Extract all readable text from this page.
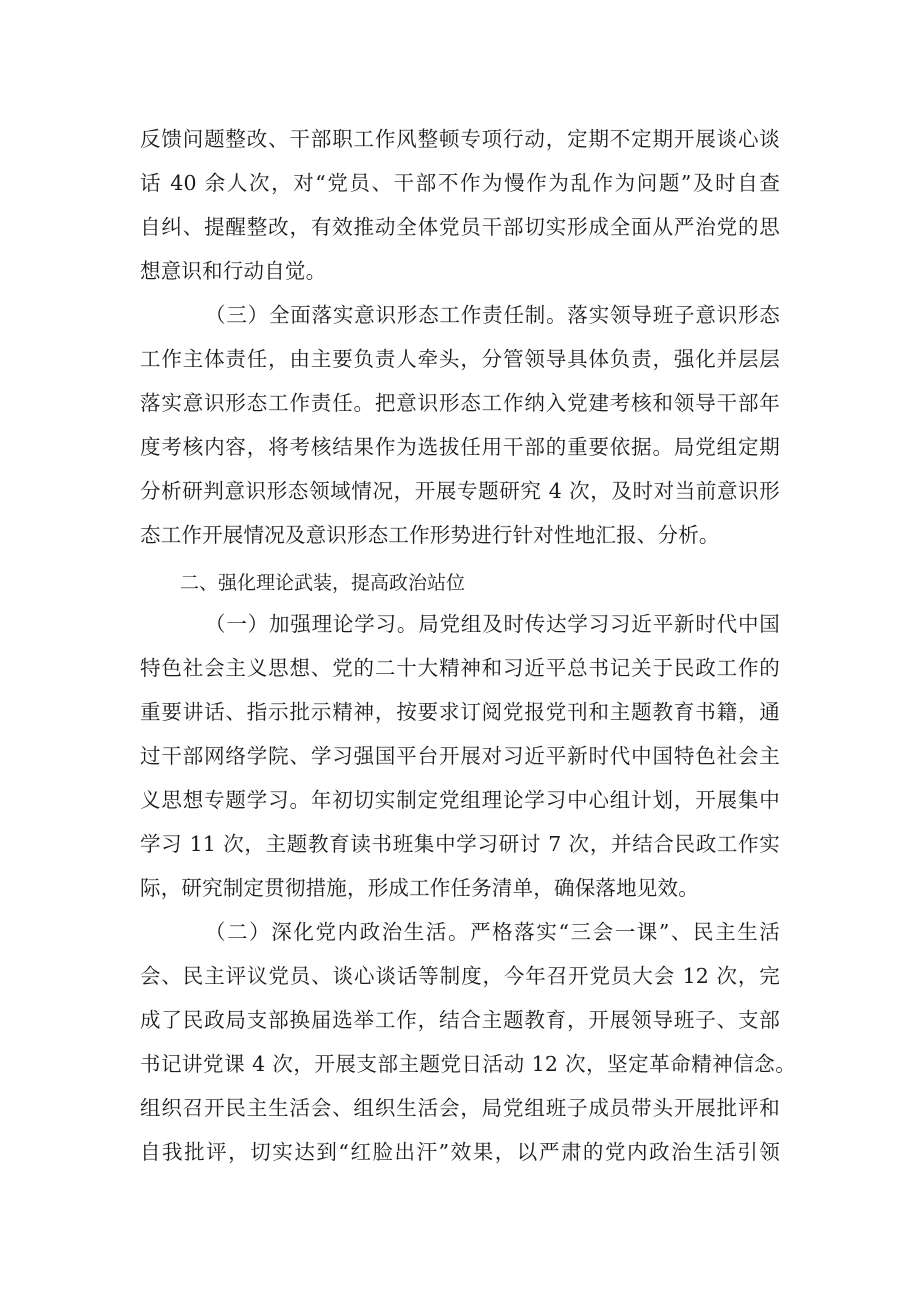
反馈问题整改、干部职工作风整顿专项行动，定期不定期开展谈心谈
话 40 余人次，对“党员、干部不作为慢作为乱作为问题”及时自查
自纠、提醒整改，有效推动全体党员干部切实形成全面从严治党的思
想意识和行动自觉。
（三）全面落实意识形态工作责任制。落实领导班子意识形态
工作主体责任，由主要负责人牵头，分管领导具体负责，强化并层层
落实意识形态工作责任。把意识形态工作纳入党建考核和领导干部年
度考核内容，将考核结果作为选拔任用干部的重要依据。局党组定期
分析研判意识形态领域情况，开展专题研究 4 次，及时对当前意识形
态工作开展情况及意识形态工作形势进行针对性地汇报、分析。
二、强化理论武装，提高政治站位
（一）加强理论学习。局党组及时传达学习习近平新时代中国
特色社会主义思想、党的二十大精神和习近平总书记关于民政工作的
重要讲话、指示批示精神，按要求订阅党报党刊和主题教育书籍，通
过干部网络学院、学习强国平台开展对习近平新时代中国特色社会主
义思想专题学习。年初切实制定党组理论学习中心组计划，开展集中
学习 11 次，主题教育读书班集中学习研讨 7 次，并结合民政工作实
际，研究制定贯彻措施，形成工作任务清单，确保落地见效。
（二）深化党内政治生活。严格落实“三会一课”、民主生活
会、民主评议党员、谈心谈话等制度，今年召开党员大会 12 次，完
成了民政局支部换届选举工作，结合主题教育，开展领导班子、支部
书记讲党课 4 次，开展支部主题党日活动 12 次，坚定革命精神信念。
组织召开民主生活会、组织生活会，局党组班子成员带头开展批评和
自我批评，切实达到“红脸出汗”效果，以严肃的党内政治生活引领
